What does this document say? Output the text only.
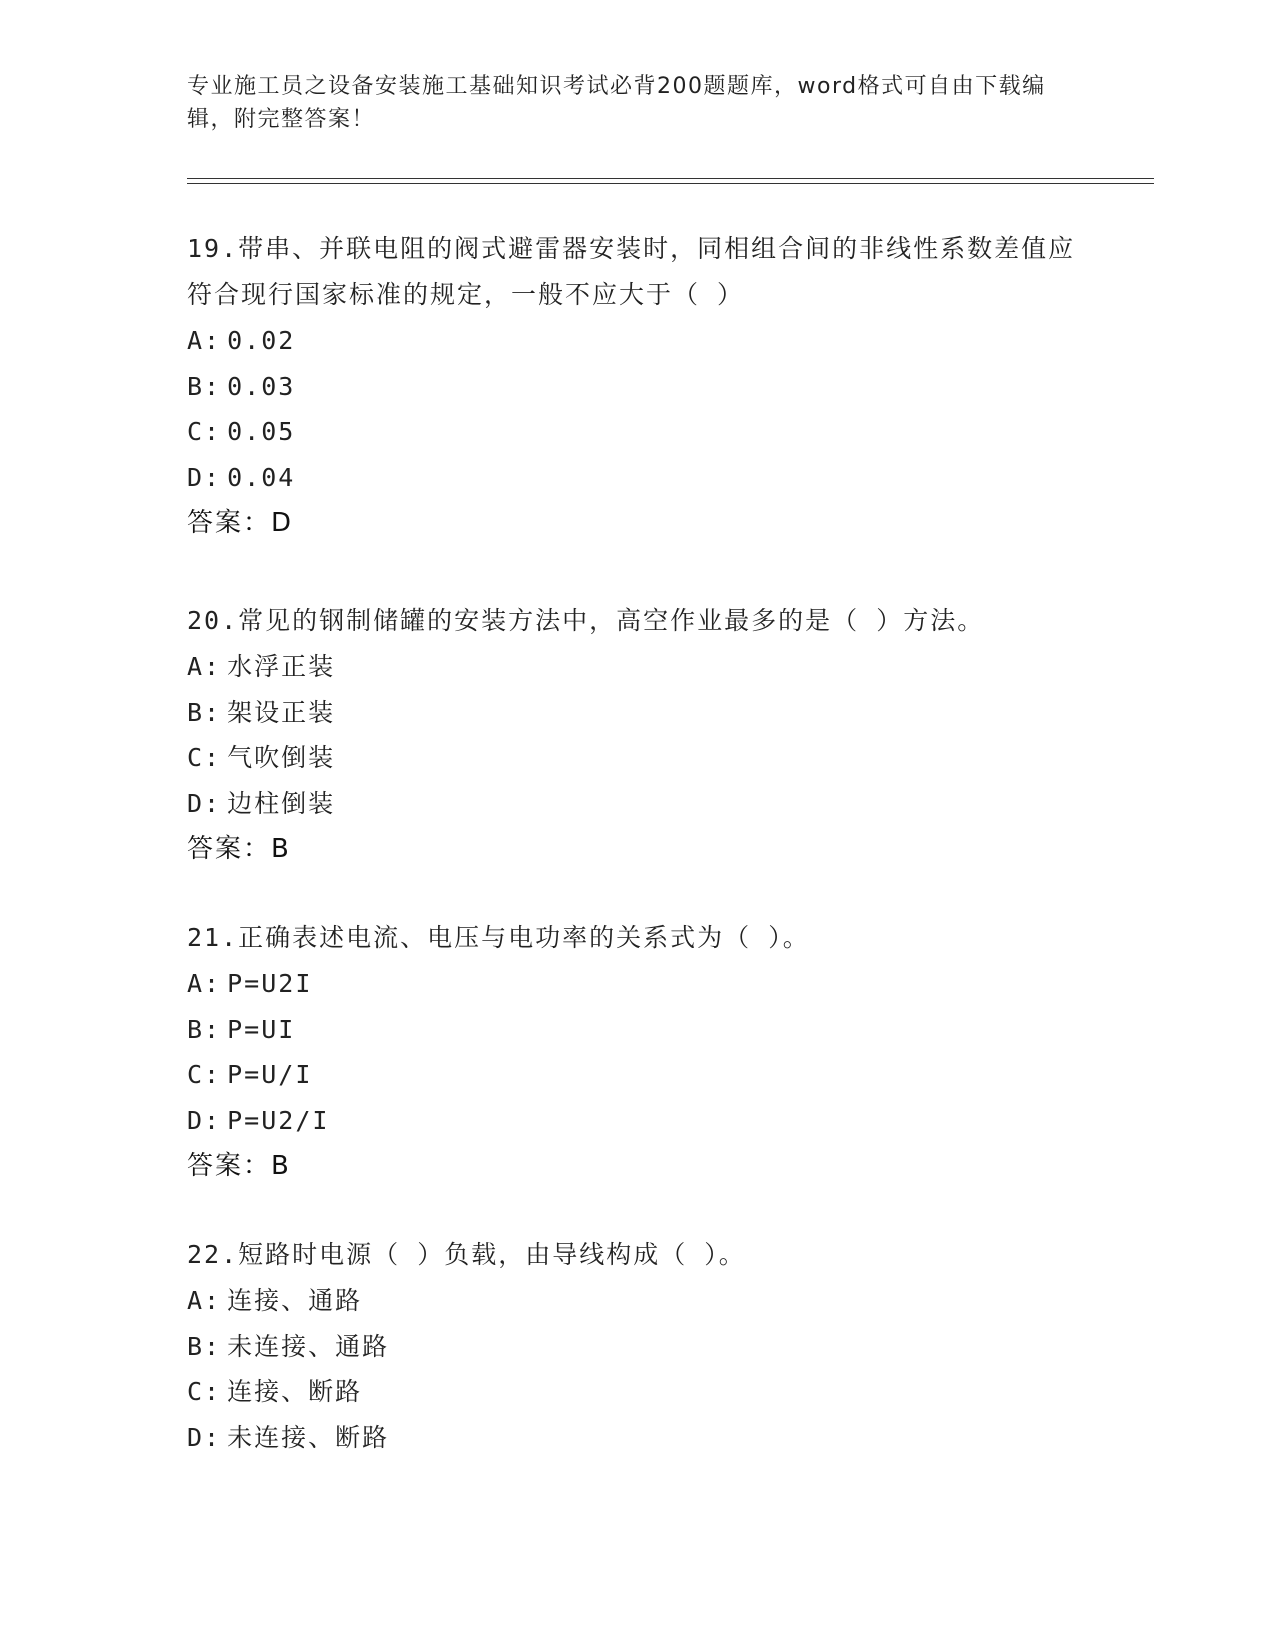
专业施工员之设备安装施工基础知识考试必背200题题库，word格式可自由下载编辑，附完整答案！
19.带串、并联电阻的阀式避雷器安装时，同相组合间的非线性系数差值应符合现行国家标准的规定，一般不应大于（ ）
A: 0.02
B: 0.03
C: 0.05
D: 0.04
答案：D
20.常见的钢制储罐的安装方法中，高空作业最多的是（ ）方法。
A: 水浮正装
B: 架设正装
C: 气吹倒装
D: 边柱倒装
答案：B
21.正确表述电流、电压与电功率的关系式为（ ）。
A: P=U2I
B: P=UI
C: P=U/I
D: P=U2/I
答案：B
22.短路时电源（ ）负载，由导线构成（ ）。
A: 连接、通路
B: 未连接、通路
C: 连接、断路
D: 未连接、断路
